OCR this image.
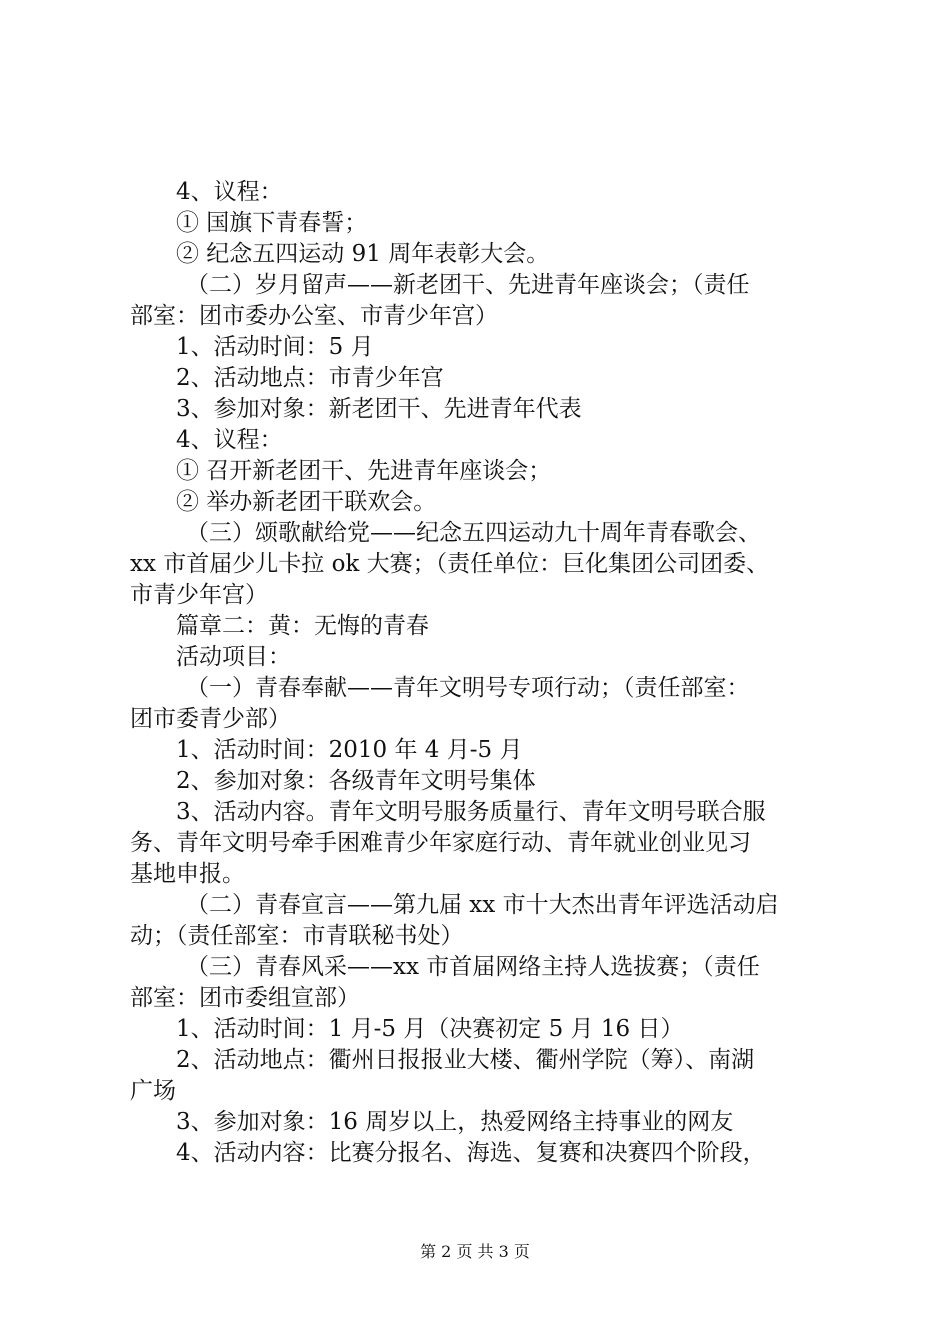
4、议程：
① 国旗下青春誓；
② 纪念五四运动 91 周年表彰大会。
（二）岁月留声——新老团干、先进青年座谈会；（责任
部室：团市委办公室、市青少年宫）
1、活动时间：5 月
2、活动地点：市青少年宫
3、参加对象：新老团干、先进青年代表
4、议程：
① 召开新老团干、先进青年座谈会；
② 举办新老团干联欢会。
（三）颂歌献给党——纪念五四运动九十周年青春歌会、
xx 市首届少儿卡拉 ok 大赛；（责任单位：巨化集团公司团委、
市青少年宫）
篇章二：黄：无悔的青春
活动项目：
（一）青春奉献——青年文明号专项行动；（责任部室：
团市委青少部）
1、活动时间：2010 年 4 月-5 月
2、参加对象：各级青年文明号集体
3、活动内容。青年文明号服务质量行、青年文明号联合服
务、青年文明号牵手困难青少年家庭行动、青年就业创业见习
基地申报。
（二）青春宣言——第九届 xx 市十大杰出青年评选活动启
动；（责任部室：市青联秘书处）
（三）青春风采——xx 市首届网络主持人选拔赛；（责任
部室：团市委组宣部）
1、活动时间：1 月-5 月（决赛初定 5 月 16 日）
2、活动地点：衢州日报报业大楼、衢州学院（筹）、南湖
广场
3、参加对象：16 周岁以上，热爱网络主持事业的网友
4、活动内容：比赛分报名、海选、复赛和决赛四个阶段，
第 2 页 共 3 页
